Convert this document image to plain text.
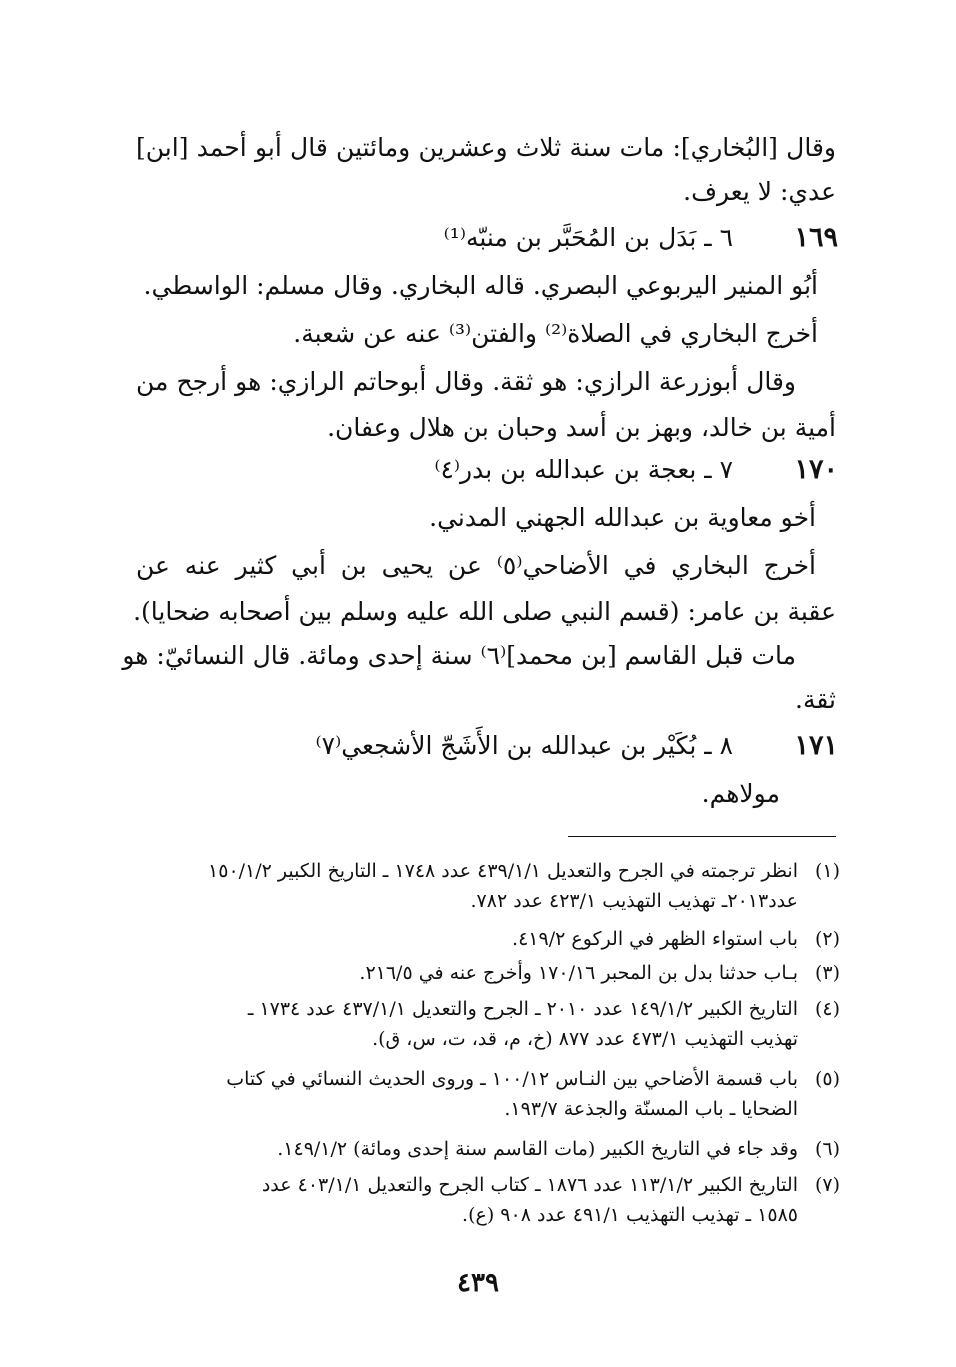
وقال [البُخاري]: مات سنة ثلاث وعشرين ومائتين قال أبو أحمد [ابن]
عدي: لا يعرف.
١٦٩
٦ ـ بَدَل بن المُحَبَّر بن منبّه⁽¹⁾
أبُو المنير اليربوعي البصري. قاله البخاري. وقال مسلم: الواسطي.
أخرج البخاري في الصلاة⁽²⁾ والفتن⁽³⁾ عنه عن شعبة.
وقال أبوزرعة الرازي: هو ثقة. وقال أبوحاتم الرازي: هو أرجح من
أمية بن خالد، وبهز بن أسد وحبان بن هلال وعفان.
١٧٠
٧ ـ بعجة بن عبدالله بن بدر⁽٤⁾
أخو معاوية بن عبدالله الجهني المدني.
أخرج البخاري في الأضاحي⁽٥⁾ عن يحيى بن أبي كثير عنه عن
عقبة بن عامر: (قسم النبي صلى الله عليه وسلم بين أصحابه ضحايا).
مات قبل القاسم [بن محمد]⁽٦⁾ سنة إحدى ومائة. قال النسائيّ: هو
ثقة.
١٧١
٨ ـ بُكَيْر بن عبدالله بن الأَشَجّ الأشجعي⁽٧⁾
مولاهم.
(١)
انظر ترجمته في الجرح والتعديل ٤٣٩/١/١ عدد ١٧٤٨ ـ التاريخ الكبير ١٥٠/١/٢
عدد٢٠١٣ـ تهذيب التهذيب ٤٢٣/١ عدد ٧٨٢.
(٢)
باب استواء الظهر في الركوع ٤١٩/٢.
(٣)
بـاب حدثنا بدل بن المحبر ١٧٠/١٦ وأخرج عنه في ٢١٦/٥.
(٤)
التاريخ الكبير ١٤٩/١/٢ عدد ٢٠١٠ ـ الجرح والتعديل ٤٣٧/١/١ عدد ١٧٣٤ ـ
تهذيب التهذيب ٤٧٣/١ عدد ٨٧٧ (خ، م، قد، ت، س، ق).
(٥)
باب قسمة الأضاحي بين النـاس ١٠٠/١٢ ـ وروى الحديث النسائي في كتاب
الضحايا ـ باب المسنّة والجذعة ١٩٣/٧.
(٦)
وقد جاء في التاريخ الكبير (مات القاسم سنة إحدى ومائة) ١٤٩/١/٢.
(٧)
التاريخ الكبير ١١٣/١/٢ عدد ١٨٧٦ ـ كتاب الجرح والتعديل ٤٠٣/١/١ عدد
١٥٨٥ ـ تهذيب التهذيب ٤٩١/١ عدد ٩٠٨ (ع).
٤٣٩
